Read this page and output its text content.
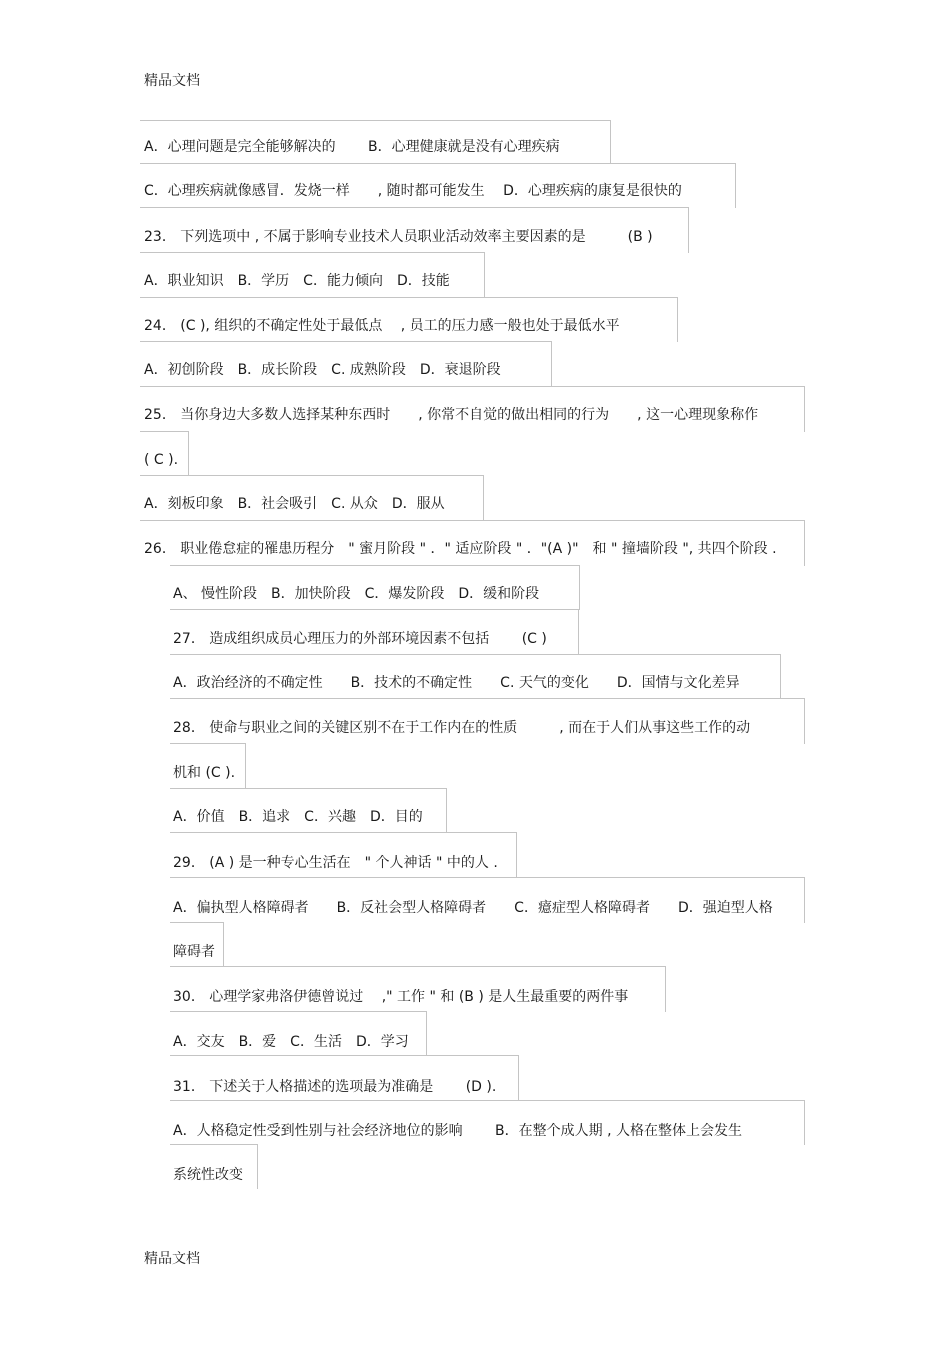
精品文档
A．心理问题是完全能够解决的　　 B．心理健康就是没有心理疾病
C．心理疾病就像感冒．发烧一样　　, 随时都可能发生　 D．心理疾病的康复是很快的
23． 下列选项中 , 不属于影响专业技术人员职业活动效率主要因素的是　　　(B )
A．职业知识　B．学历　C．能力倾向　D．技能
24． (C ), 组织的不确定性处于最低点　 , 员工的压力感一般也处于最低水平
A．初创阶段　B．成长阶段　C. 成熟阶段　D．衰退阶段
25． 当你身边大多数人选择某种东西时　　, 你常不自觉的做出相同的行为　　, 这一心理现象称作
( C ).
A．刻板印象　B．社会吸引　C. 从众　D．服从
26． 职业倦怠症的罹患历程分　" 蜜月阶段 " ．" 适应阶段 " ．"(A )"　和 " 撞墙阶段 ", 共四个阶段 .
A、 慢性阶段　B．加快阶段　C．爆发阶段　D．缓和阶段
27． 造成组织成员心理压力的外部环境因素不包括　　 (C )
A．政治经济的不确定性　　B．技术的不确定性　　C. 天气的变化　　D．国情与文化差异
28． 使命与职业之间的关键区别不在于工作内在的性质　　　, 而在于人们从事这些工作的动
机和 (C ).
A．价值　B．追求　C．兴趣　D．目的
29． (A ) 是一种专心生活在　" 个人神话 " 中的人 .
A．偏执型人格障碍者　　B．反社会型人格障碍者　　C．癔症型人格障碍者　　D．强迫型人格
障碍者
30． 心理学家弗洛伊德曾说过　 ," 工作 " 和 (B ) 是人生最重要的两件事
A．交友　B．爱　C．生活　D．学习
31． 下述关于人格描述的选项最为准确是　　 (D ).
A．人格稳定性受到性别与社会经济地位的影响　　 B．在整个成人期 , 人格在整体上会发生
系统性改变
精品文档
